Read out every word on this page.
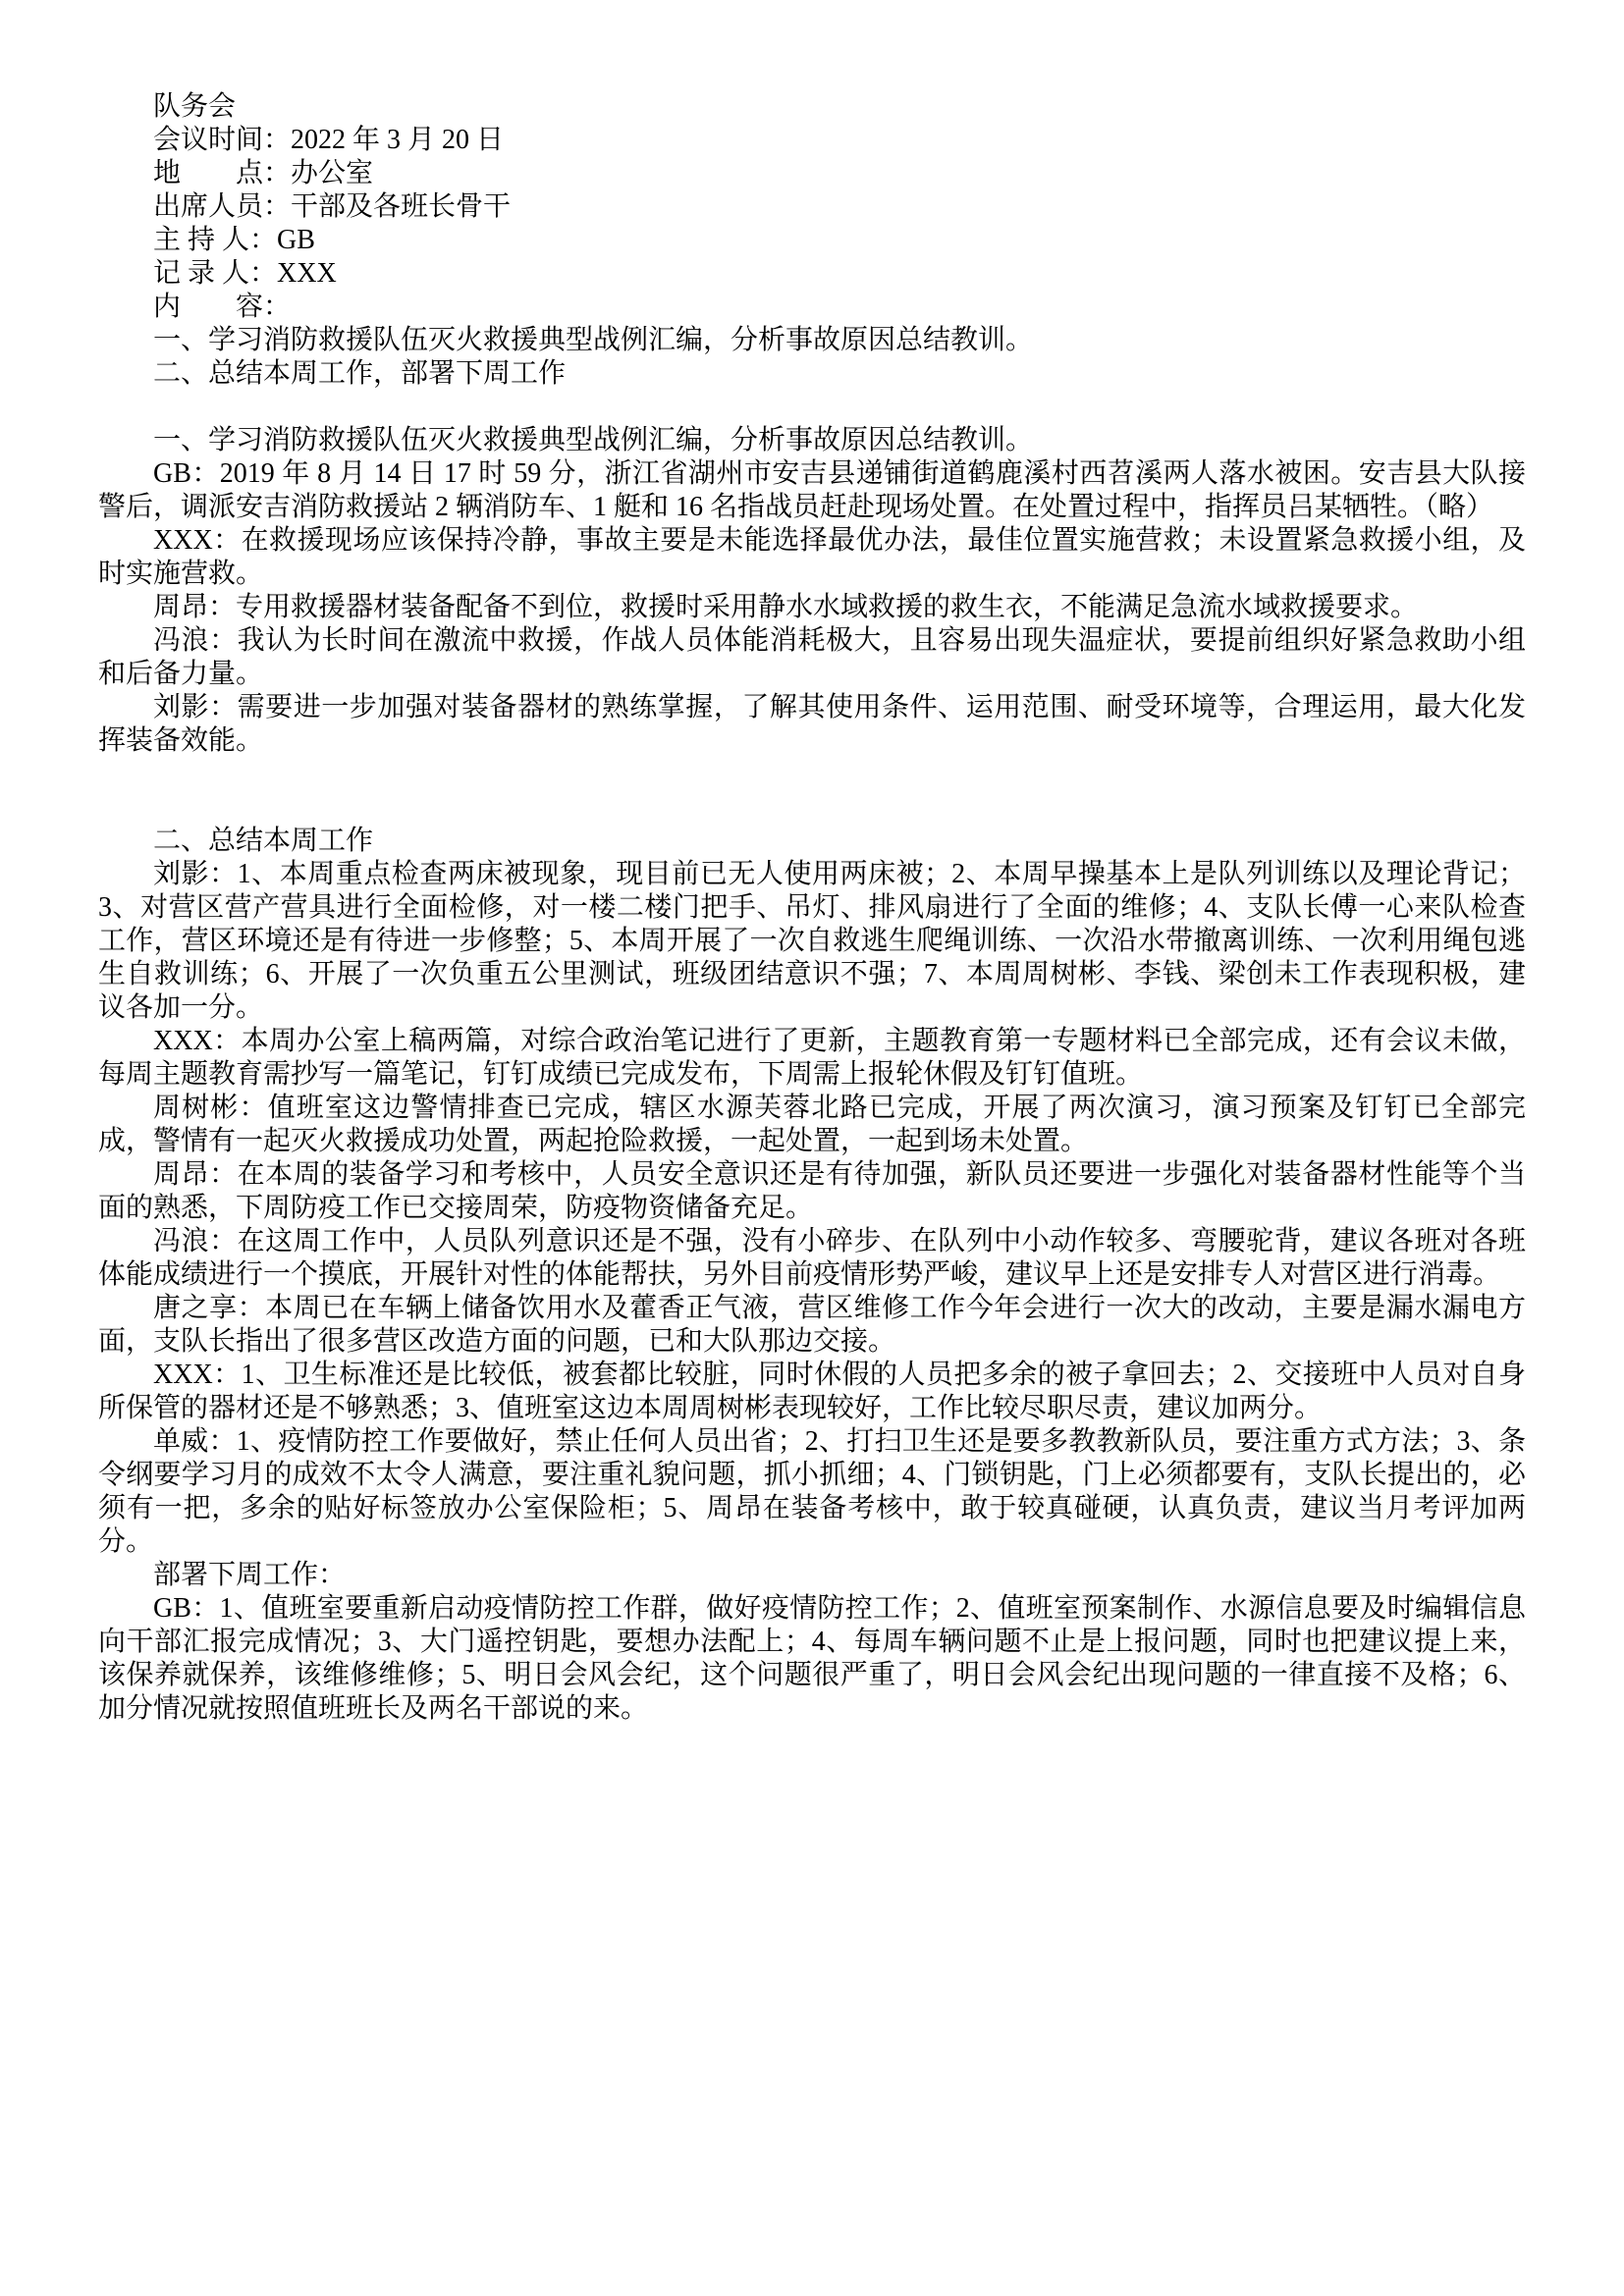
队务会

会议时间：2022 年 3 月 20 日

地　　点：办公室

出席人员：干部及各班长骨干

主 持 人：GB

记 录 人：XXX

内　　容：

一、学习消防救援队伍灭火救援典型战例汇编，分析事故原因总结教训。

二、总结本周工作，部署下周工作

一、学习消防救援队伍灭火救援典型战例汇编，分析事故原因总结教训。

GB：2019 年 8 月 14 日 17 时 59 分，浙江省湖州市安吉县递铺街道鹤鹿溪村西苕溪两人落水被困。安吉县大队接警后，调派安吉消防救援站 2 辆消防车、1 艇和 16 名指战员赶赴现场处置。在处置过程中，指挥员吕某牺牲。（略）

XXX：在救援现场应该保持冷静，事故主要是未能选择最优办法，最佳位置实施营救；未设置紧急救援小组，及时实施营救。

周昂：专用救援器材装备配备不到位，救援时采用静水水域救援的救生衣，不能满足急流水域救援要求。

冯浪：我认为长时间在激流中救援，作战人员体能消耗极大，且容易出现失温症状，要提前组织好紧急救助小组和后备力量。

刘影：需要进一步加强对装备器材的熟练掌握，了解其使用条件、运用范围、耐受环境等，合理运用，最大化发挥装备效能。

二、总结本周工作

刘影：1、本周重点检查两床被现象，现目前已无人使用两床被；2、本周早操基本上是队列训练以及理论背记；3、对营区营产营具进行全面检修，对一楼二楼门把手、吊灯、排风扇进行了全面的维修；4、支队长傅一心来队检查工作，营区环境还是有待进一步修整；5、本周开展了一次自救逃生爬绳训练、一次沿水带撤离训练、一次利用绳包逃生自救训练；6、开展了一次负重五公里测试，班级团结意识不强；7、本周周树彬、李钱、梁创未工作表现积极，建议各加一分。

XXX：本周办公室上稿两篇，对综合政治笔记进行了更新，主题教育第一专题材料已全部完成，还有会议未做，每周主题教育需抄写一篇笔记，钉钉成绩已完成发布，下周需上报轮休假及钉钉值班。

周树彬：值班室这边警情排查已完成，辖区水源芙蓉北路已完成，开展了两次演习，演习预案及钉钉已全部完成，警情有一起灭火救援成功处置，两起抢险救援，一起处置，一起到场未处置。

周昂：在本周的装备学习和考核中，人员安全意识还是有待加强，新队员还要进一步强化对装备器材性能等个当面的熟悉，下周防疫工作已交接周荣，防疫物资储备充足。

冯浪：在这周工作中，人员队列意识还是不强，没有小碎步、在队列中小动作较多、弯腰驼背，建议各班对各班体能成绩进行一个摸底，开展针对性的体能帮扶，另外目前疫情形势严峻，建议早上还是安排专人对营区进行消毒。

唐之享：本周已在车辆上储备饮用水及藿香正气液，营区维修工作今年会进行一次大的改动，主要是漏水漏电方面，支队长指出了很多营区改造方面的问题，已和大队那边交接。

XXX：1、卫生标准还是比较低，被套都比较脏，同时休假的人员把多余的被子拿回去；2、交接班中人员对自身所保管的器材还是不够熟悉；3、值班室这边本周周树彬表现较好，工作比较尽职尽责，建议加两分。

单威：1、疫情防控工作要做好，禁止任何人员出省；2、打扫卫生还是要多教教新队员，要注重方式方法；3、条令纲要学习月的成效不太令人满意，要注重礼貌问题，抓小抓细；4、门锁钥匙，门上必须都要有，支队长提出的，必须有一把，多余的贴好标签放办公室保险柜；5、周昂在装备考核中，敢于较真碰硬，认真负责，建议当月考评加两分。

部署下周工作：

GB：1、值班室要重新启动疫情防控工作群，做好疫情防控工作；2、值班室预案制作、水源信息要及时编辑信息向干部汇报完成情况；3、大门遥控钥匙，要想办法配上；4、每周车辆问题不止是上报问题，同时也把建议提上来，该保养就保养，该维修维修；5、明日会风会纪，这个问题很严重了，明日会风会纪出现问题的一律直接不及格；6、加分情况就按照值班班长及两名干部说的来。
